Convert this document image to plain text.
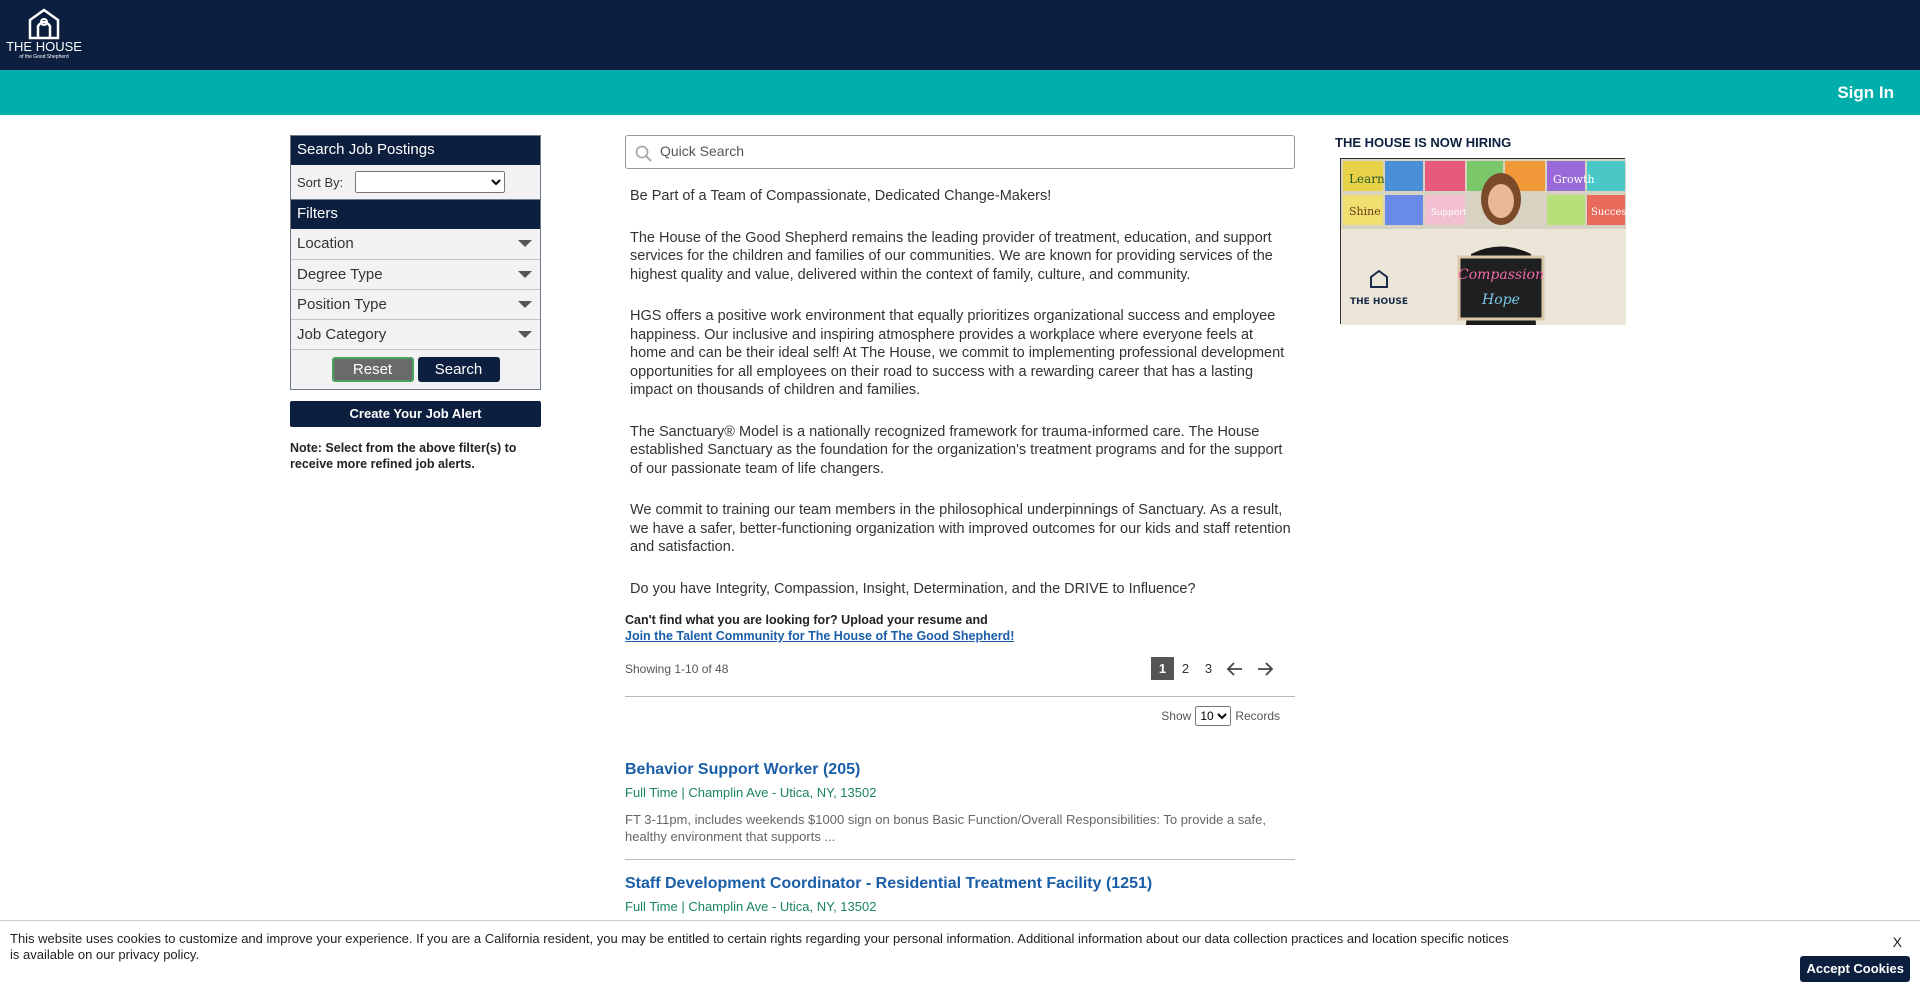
THE HOUSE
of the Good Shepherd
Sign In
Search Job Postings
Sort By:
Filters
Location
Degree Type
Position Type
Job Category
Reset	Search
Create Your Job Alert
Note: Select from the above filter(s) to receive more refined job alerts.
Quick Search

Be Part of a Team of Compassionate, Dedicated Change-Makers!

The House of the Good Shepherd remains the leading provider of treatment, education, and support services for the children and families of our communities. We are known for providing services of the highest quality and value, delivered within the context of family, culture, and community.

HGS offers a positive work environment that equally prioritizes organizational success and employee happiness. Our inclusive and inspiring atmosphere provides a workplace where everyone feels at home and can be their ideal self! At The House, we commit to implementing professional development opportunities for all employees on their road to success with a rewarding career that has a lasting impact on thousands of children and families.

The Sanctuary® Model is a nationally recognized framework for trauma-informed care. The House established Sanctuary as the foundation for the organization's treatment programs and for the support of our passionate team of life changers.

We commit to training our team members in the philosophical underpinnings of Sanctuary. As a result, we have a safer, better-functioning organization with improved outcomes for our kids and staff retention and satisfaction.

Do you have Integrity, Compassion, Insight, Determination, and the DRIVE to Influence?

Can't find what you are looking for? Upload your resume and
Join the Talent Community for The House of The Good Shepherd!
Showing 1-10 of 48	1	2	3
Show
10	Records
Behavior Support Worker (205)
Full Time | Champlin Ave - Utica, NY, 13502
FT 3-11pm, includes weekends $1000 sign on bonus Basic Function/Overall Responsibilities: To provide a safe, healthy environment that supports ...
Staff Development Coordinator - Residential Treatment Facility (1251)
Full Time | Champlin Ave - Utica, NY, 13502
THE HOUSE IS NOW HIRING
Learn	Growth
Shine	Support	Success
Compassion
Hope
THE HOUSE
This website uses cookies to customize and improve your experience. If you are a California resident, you may be entitled to certain rights regarding your personal information. Additional information about our data collection practices and location specific notices is available on our privacy policy.
X
Accept Cookies
